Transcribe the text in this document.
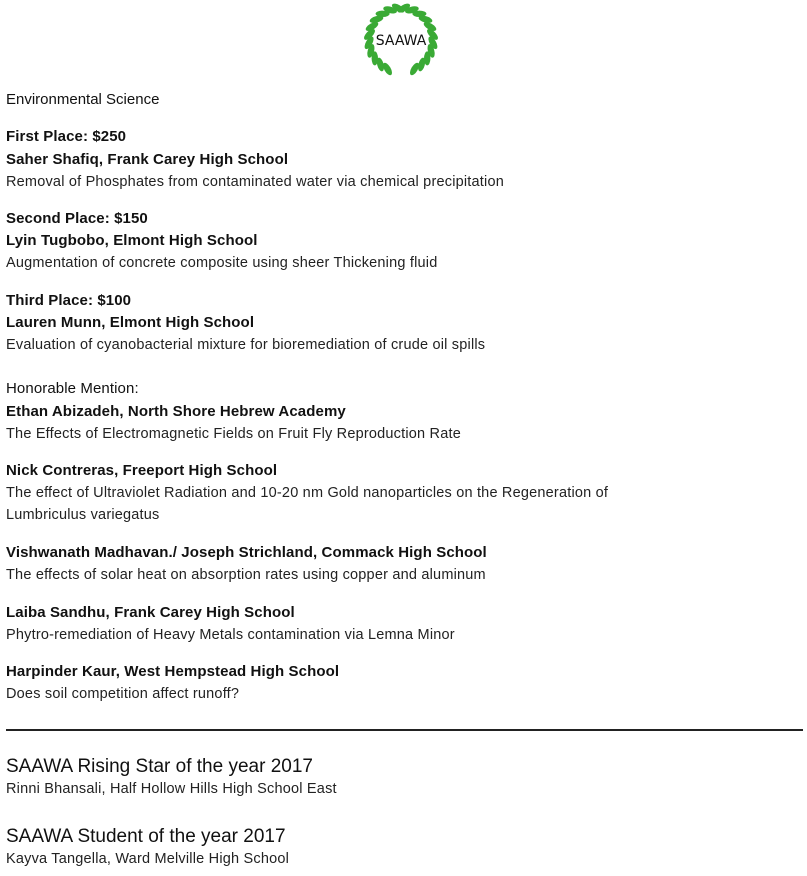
SAAWA
Environmental Science
First Place: $250
Saher Shafiq, Frank Carey High School
Removal of Phosphates from contaminated water via chemical precipitation
Second Place: $150
Lyin Tugbobo, Elmont High School
Augmentation of concrete composite using sheer Thickening fluid
Third Place: $100
Lauren Munn, Elmont High School
Evaluation of cyanobacterial mixture for bioremediation of crude oil spills
Honorable Mention:
Ethan Abizadeh, North Shore Hebrew Academy
The Effects of Electromagnetic Fields on Fruit Fly Reproduction Rate
Nick Contreras, Freeport High School
The effect of Ultraviolet Radiation and 10-20 nm Gold nanoparticles on the Regeneration of
Lumbriculus variegatus
Vishwanath Madhavan./ Joseph Strichland, Commack High School
The effects of solar heat on absorption rates using copper and aluminum
Laiba Sandhu, Frank Carey High School
Phytro-remediation of Heavy Metals contamination via Lemna Minor
Harpinder Kaur, West Hempstead High School
Does soil competition affect runoff?
SAAWA Rising Star of the year 2017
Rinni Bhansali, Half Hollow Hills High School East
SAAWA Student of the year 2017
Kayva Tangella, Ward Melville High School
